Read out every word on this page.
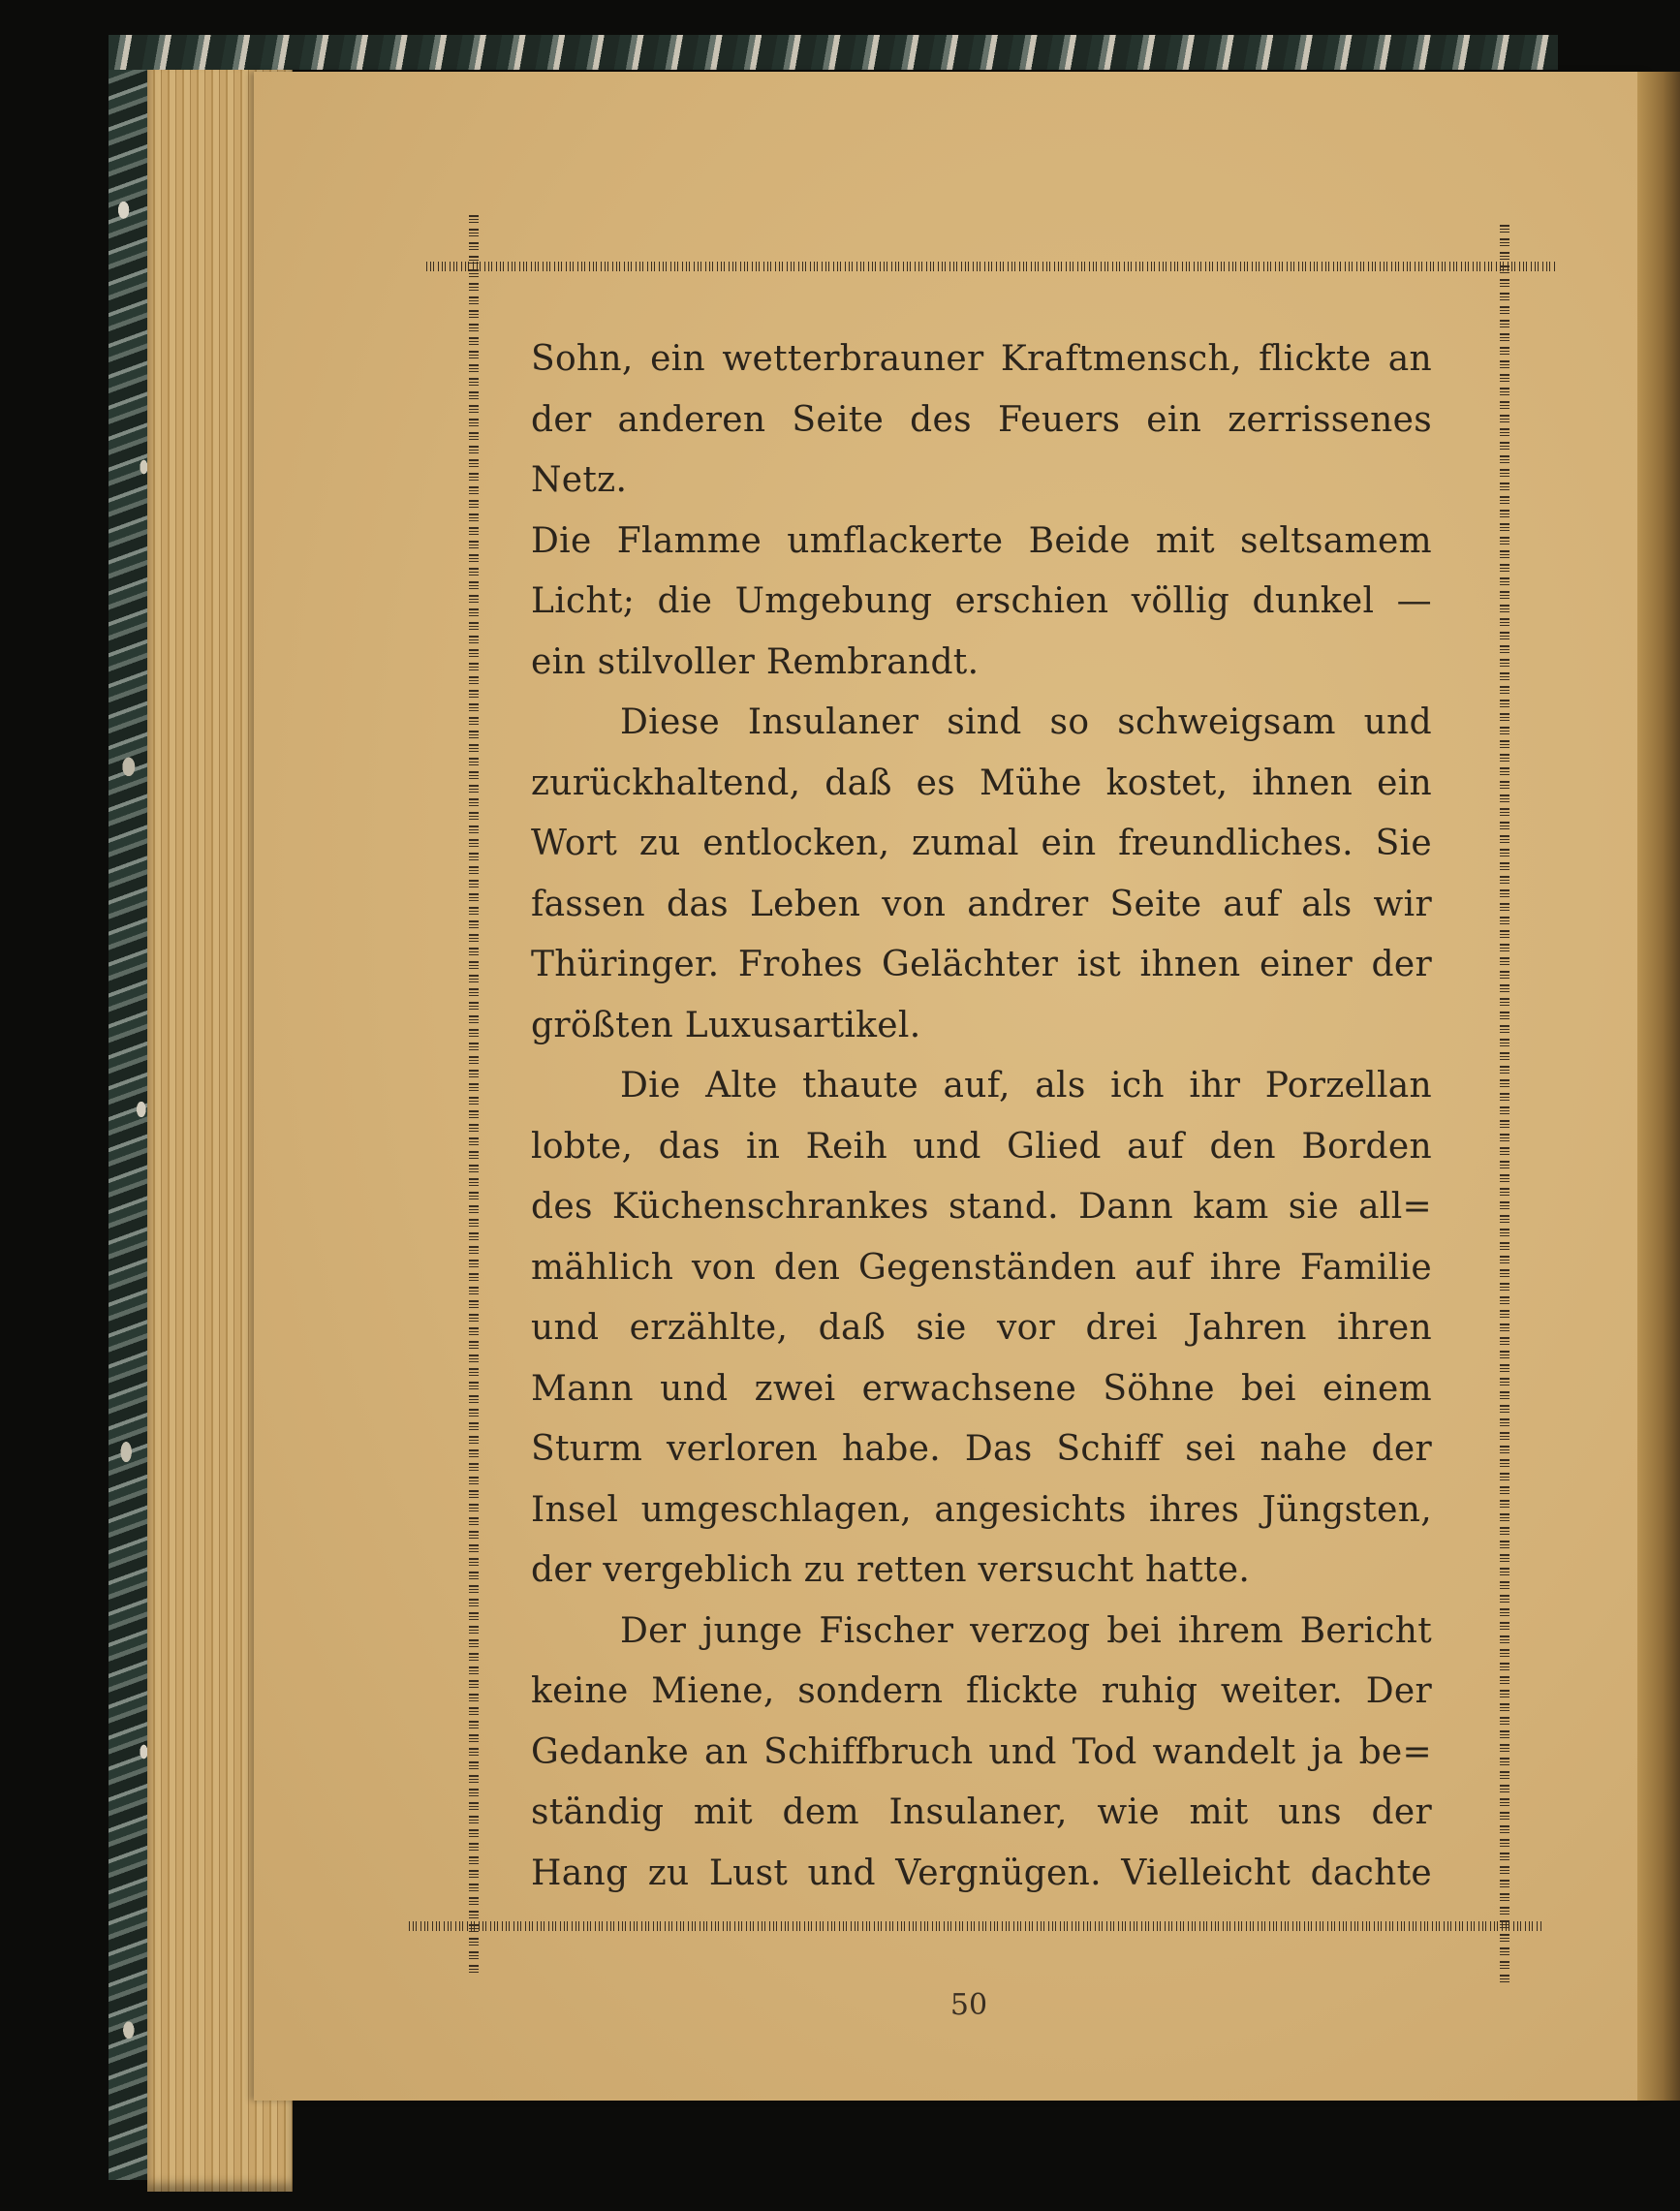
Sohn, ein wetterbrauner Kraftmensch, flickte an

der anderen Seite des Feuers ein zerrissenes Netz.

Die Flamme umflackerte Beide mit seltsamem

Licht; die Umgebung erschien völlig dunkel —

ein stilvoller Rembrandt.

Diese Insulaner sind so schweigsam und

zurückhaltend, daß es Mühe kostet, ihnen ein

Wort zu entlocken, zumal ein freundliches. Sie

fassen das Leben von andrer Seite auf als wir

Thüringer. Frohes Gelächter ist ihnen einer der

größten Luxusartikel.

Die Alte thaute auf, als ich ihr Porzellan

lobte, das in Reih und Glied auf den Borden

des Küchenschrankes stand. Dann kam sie all=

mählich von den Gegenständen auf ihre Familie

und erzählte, daß sie vor drei Jahren ihren

Mann und zwei erwachsene Söhne bei einem

Sturm verloren habe. Das Schiff sei nahe der

Insel umgeschlagen, angesichts ihres Jüngsten,

der vergeblich zu retten versucht hatte.

Der junge Fischer verzog bei ihrem Bericht

keine Miene, sondern flickte ruhig weiter. Der

Gedanke an Schiffbruch und Tod wandelt ja be=

ständig mit dem Insulaner, wie mit uns der

Hang zu Lust und Vergnügen. Vielleicht dachte

50
